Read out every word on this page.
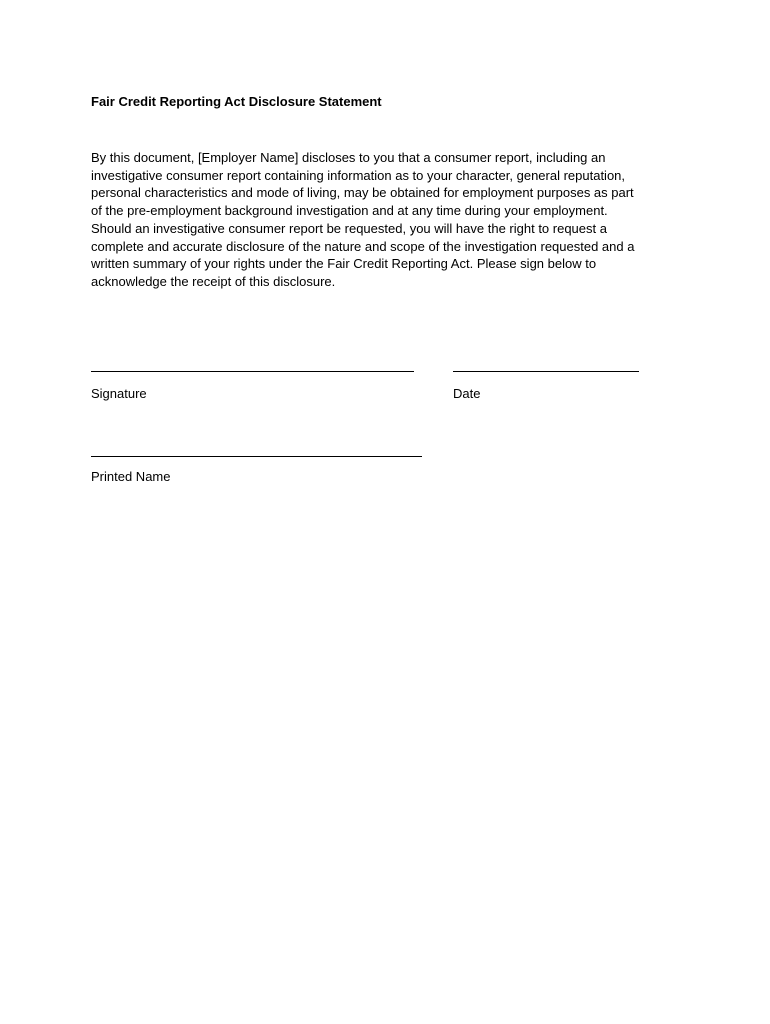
Fair Credit Reporting Act Disclosure Statement
By this document, [Employer Name] discloses to you that a consumer report, including an
investigative consumer report containing information as to your character, general reputation,
personal characteristics and mode of living, may be obtained for employment purposes as part
of the pre-employment background investigation and at any time during your employment.
Should an investigative consumer report be requested, you will have the right to request a
complete and accurate disclosure of the nature and scope of the investigation requested and a
written summary of your rights under the Fair Credit Reporting Act. Please sign below to
acknowledge the receipt of this disclosure.
Signature	Date
Printed Name
